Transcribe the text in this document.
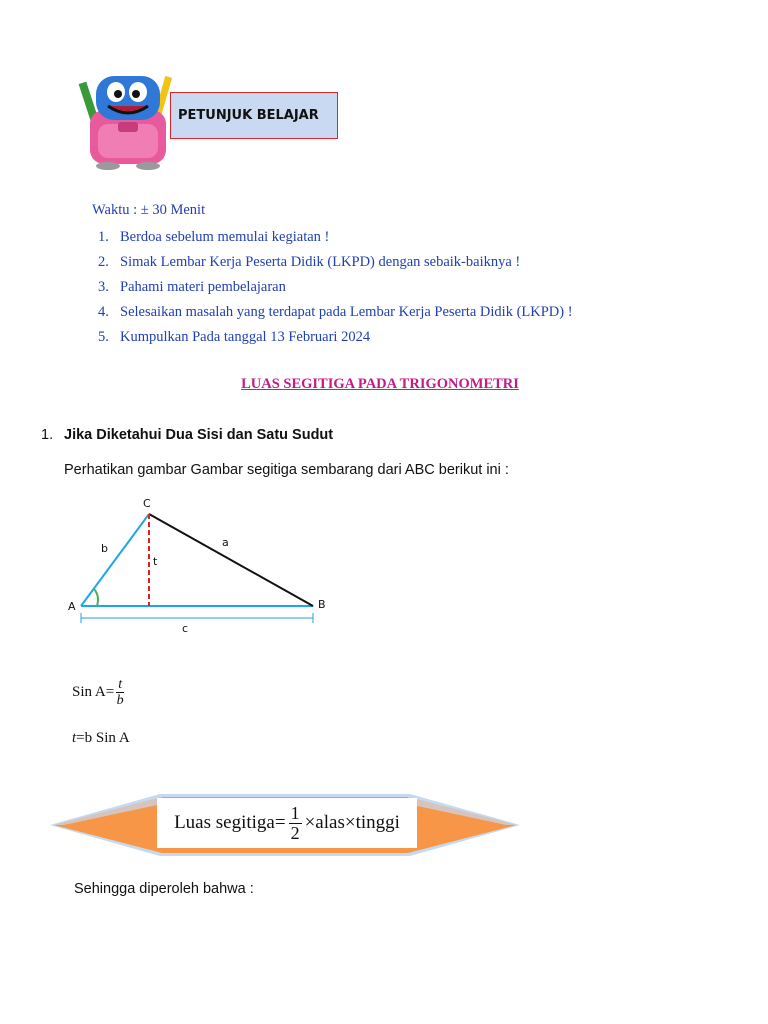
PETUNJUK BELAJAR
Waktu : ± 30 Menit
1. Berdoa sebelum memulai kegiatan !
2. Simak Lembar Kerja Peserta Didik (LKPD) dengan sebaik-baiknya !
3. Pahami materi pembelajaran
4. Selesaikan masalah yang terdapat pada Lembar Kerja Peserta Didik (LKPD) !
5. Kumpulkan Pada tanggal 13 Februari 2024
LUAS SEGITIGA PADA TRIGONOMETRI
1. Jika Diketahui Dua Sisi dan Satu Sudut
Perhatikan gambar Gambar segitiga sembarang dari ABC berikut ini :
C
A	B
b	a
t
c
Sin $A = \frac{t}{b}$
t=b Sin A
Luas segitiga = $\frac{1}{2}$ × alas × tinggi
Sehingga diperoleh bahwa :
